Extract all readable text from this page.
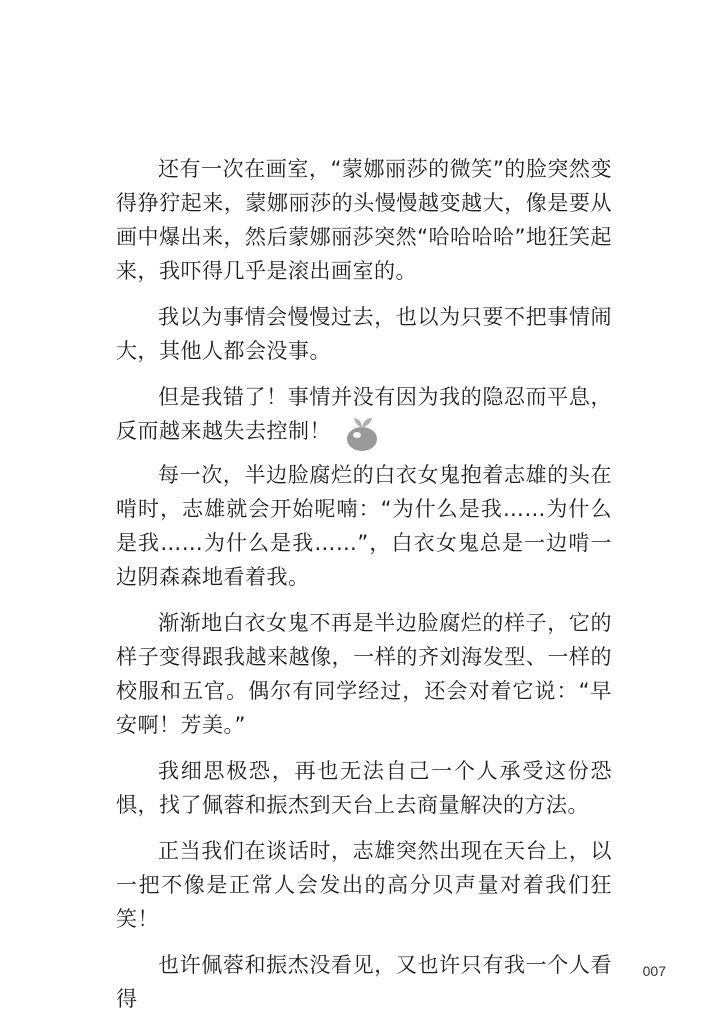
还有一次在画室，“蒙娜丽莎的微笑”的脸突然变得狰狞起来，蒙娜丽莎的头慢慢越变越大，像是要从画中爆出来，然后蒙娜丽莎突然“哈哈哈哈”地狂笑起来，我吓得几乎是滚出画室的。

我以为事情会慢慢过去，也以为只要不把事情闹大，其他人都会没事。

但是我错了！事情并没有因为我的隐忍而平息，反而越来越失去控制！

每一次，半边脸腐烂的白衣女鬼抱着志雄的头在啃时，志雄就会开始呢喃：“为什么是我……为什么是我……为什么是我……”，白衣女鬼总是一边啃一边阴森森地看着我。

渐渐地白衣女鬼不再是半边脸腐烂的样子，它的样子变得跟我越来越像，一样的齐刘海发型、一样的校服和五官。偶尔有同学经过，还会对着它说：“早安啊！芳美。”

我细思极恐，再也无法自己一个人承受这份恐惧，找了佩蓉和振杰到天台上去商量解决的方法。

正当我们在谈话时，志雄突然出现在天台上，以一把不像是正常人会发出的高分贝声量对着我们狂笑！

也许佩蓉和振杰没看见，又也许只有我一个人看得

007
